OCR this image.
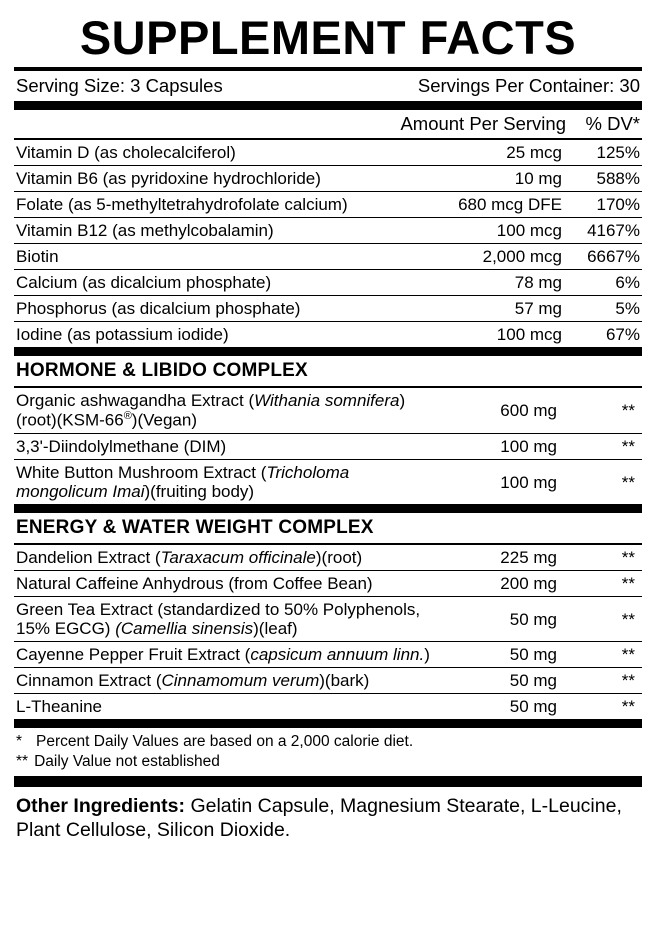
SUPPLEMENT FACTS
Serving Size: 3 Capsules	Servings Per Container: 30
Amount Per Serving	% DV*
Vitamin D (as cholecalciferol)	25 mcg	125%
Vitamin B6 (as pyridoxine hydrochloride)	10 mg	588%
Folate (as 5-methyltetrahydrofolate calcium)	680 mcg DFE	170%
Vitamin B12 (as methylcobalamin)	100 mcg	4167%
Biotin	2,000 mcg	6667%
Calcium (as dicalcium phosphate)	78 mg	6%
Phosphorus (as dicalcium phosphate)	57 mg	5%
Iodine (as potassium iodide)	100 mcg	67%
HORMONE & LIBIDO COMPLEX
Organic ashwagandha Extract (Withania somnifera)(root)(KSM-66®)(Vegan)	600 mg	**
3,3'-Diindolylmethane (DIM)	100 mg	**
White Button Mushroom Extract (Tricholoma mongolicum Imai)(fruiting body)	100 mg	**
ENERGY & WATER WEIGHT COMPLEX
Dandelion Extract (Taraxacum officinale)(root)	225 mg	**
Natural Caffeine Anhydrous (from Coffee Bean)	200 mg	**
Green Tea Extract (standardized to 50% Polyphenols, 15% EGCG) (Camellia sinensis)(leaf)	50 mg	**
Cayenne Pepper Fruit Extract (capsicum annuum linn.)	50 mg	**
Cinnamon Extract (Cinnamomum verum)(bark)	50 mg	**
L-Theanine	50 mg	**
* Percent Daily Values are based on a 2,000 calorie diet.
** Daily Value not established
Other Ingredients: Gelatin Capsule, Magnesium Stearate, L-Leucine, Plant Cellulose, Silicon Dioxide.
